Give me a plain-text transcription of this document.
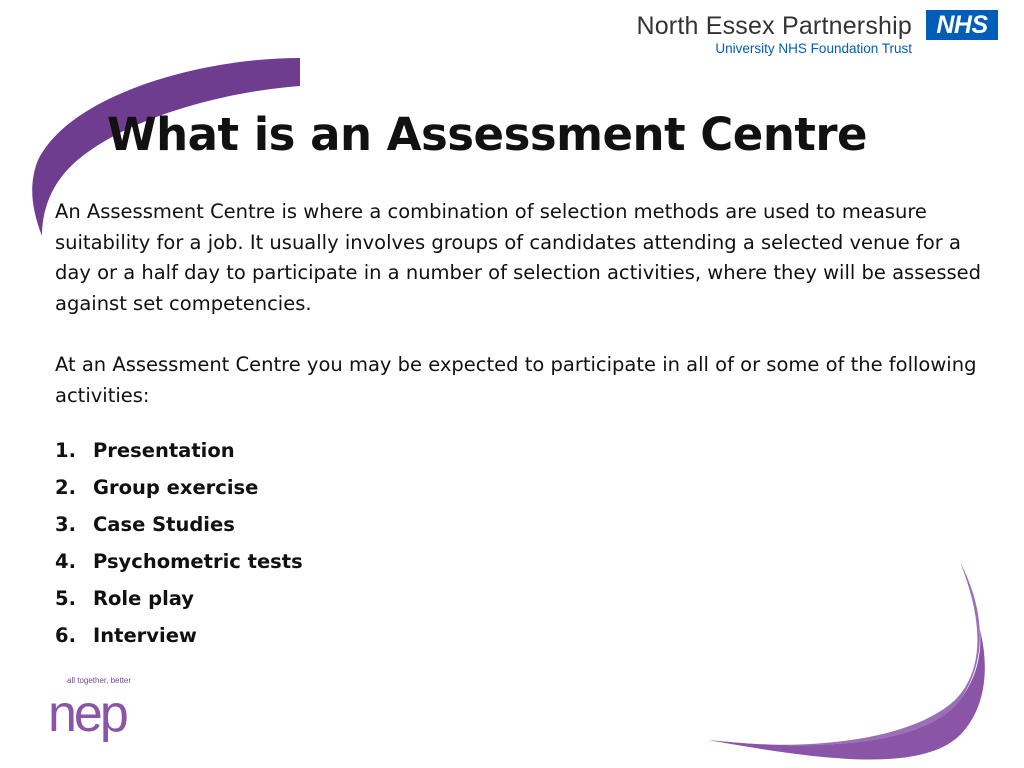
North Essex Partnership
University NHS Foundation Trust
NHS
What is an Assessment Centre

An Assessment Centre is where a combination of selection methods are used to measure suitability for a job. It usually involves groups of candidates attending a selected venue for a day or a half day to participate in a number of selection activities, where they will be assessed against set competencies.

At an Assessment Centre you may be expected to participate in all of or some of the following activities:

1. Presentation
2. Group exercise
3. Case Studies
4. Psychometric tests
5. Role play
6. Interview
all together, better
nep
